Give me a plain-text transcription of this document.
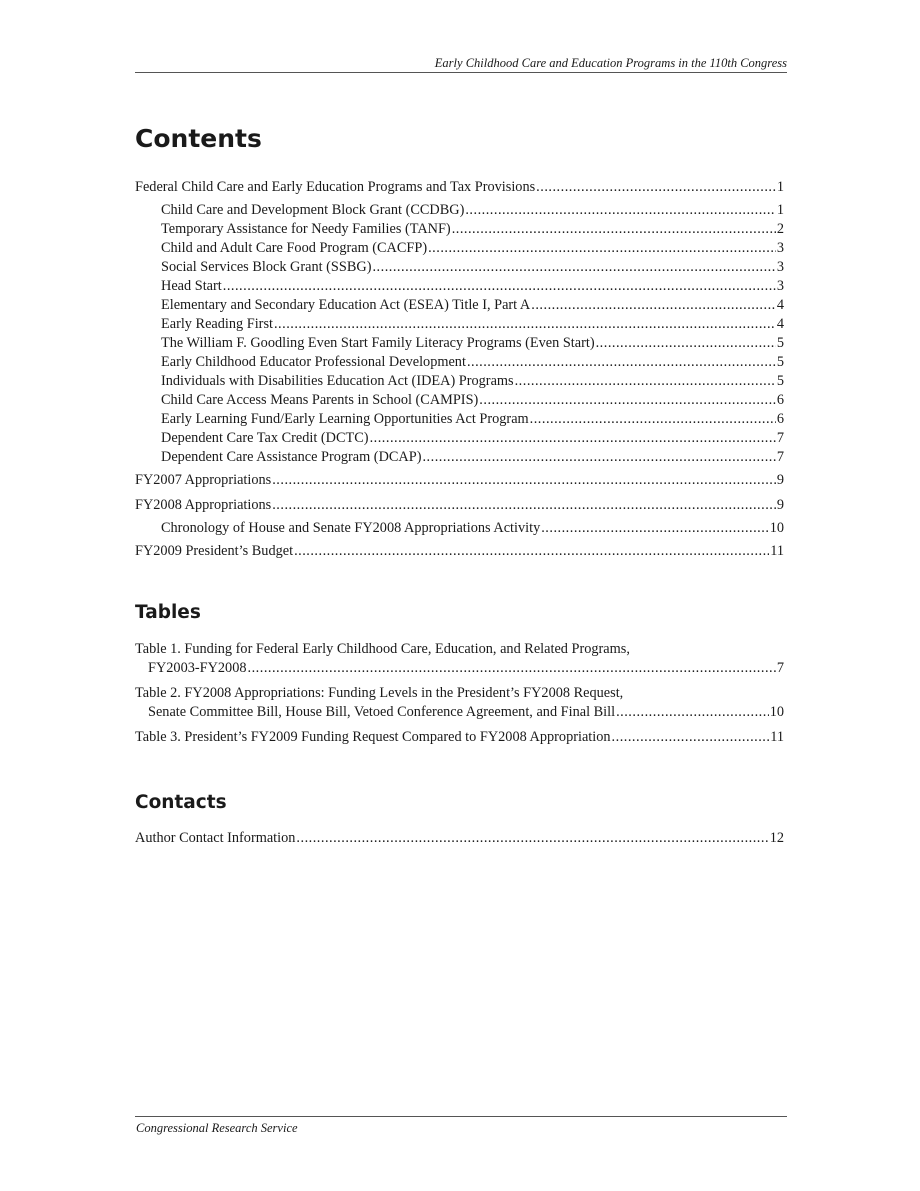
Early Childhood Care and Education Programs in the 110th Congress
Contents
Federal Child Care and Early Education Programs and Tax Provisions .....	1
Child Care and Development Block Grant (CCDBG) .....	1
Temporary Assistance for Needy Families (TANF) .....	2
Child and Adult Care Food Program (CACFP) .....	3
Social Services Block Grant (SSBG) .....	3
Head Start .....	3
Elementary and Secondary Education Act (ESEA) Title I, Part A .....	4
Early Reading First .....	4
The William F. Goodling Even Start Family Literacy Programs (Even Start) .....	5
Early Childhood Educator Professional Development .....	5
Individuals with Disabilities Education Act (IDEA) Programs .....	5
Child Care Access Means Parents in School (CAMPIS) .....	6
Early Learning Fund/Early Learning Opportunities Act Program .....	6
Dependent Care Tax Credit (DCTC) .....	7
Dependent Care Assistance Program (DCAP) .....	7
FY2007 Appropriations .....	9
FY2008 Appropriations .....	9
Chronology of House and Senate FY2008 Appropriations Activity .....	10
FY2009 President’s Budget .....	11
Tables
Table 1. Funding for Federal Early Childhood Care, Education, and Related Programs,
FY2003-FY2008 .....	7
Table 2. FY2008 Appropriations: Funding Levels in the President’s FY2008 Request,
Senate Committee Bill, House Bill, Vetoed Conference Agreement, and Final Bill .....	10
Table 3. President’s FY2009 Funding Request Compared to FY2008 Appropriation .....	11
Contacts
Author Contact Information .....	12
Congressional Research Service
